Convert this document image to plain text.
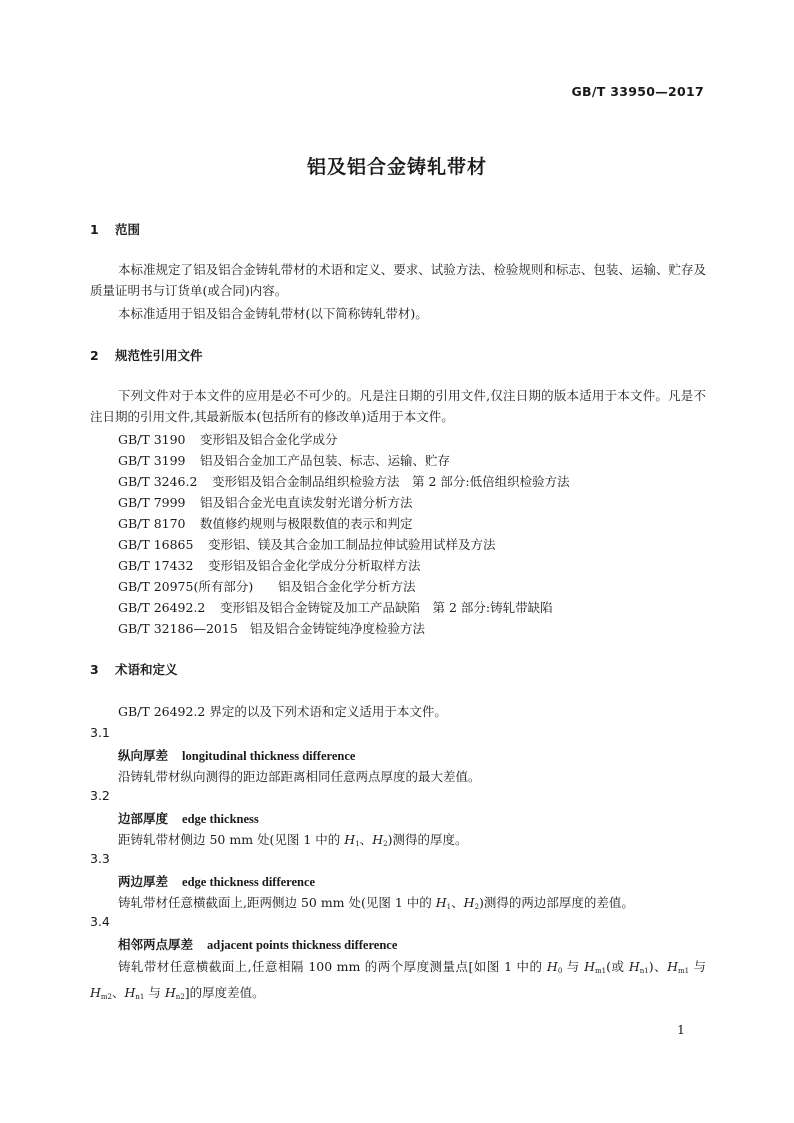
GB/T 33950—2017
铝及铝合金铸轧带材
1 范围
本标准规定了铝及铝合金铸轧带材的术语和定义、要求、试验方法、检验规则和标志、包装、运输、贮存及质量证明书与订货单(或合同)内容。
本标准适用于铝及铝合金铸轧带材(以下简称铸轧带材)。
2 规范性引用文件
下列文件对于本文件的应用是必不可少的。凡是注日期的引用文件,仅注日期的版本适用于本文件。凡是不注日期的引用文件,其最新版本(包括所有的修改单)适用于本文件。
GB/T 3190 变形铝及铝合金化学成分
GB/T 3199 铝及铝合金加工产品包装、标志、运输、贮存
GB/T 3246.2 变形铝及铝合金制品组织检验方法　第 2 部分:低倍组织检验方法
GB/T 7999 铝及铝合金光电直读发射光谱分析方法
GB/T 8170 数值修约规则与极限数值的表示和判定
GB/T 16865 变形铝、镁及其合金加工制品拉伸试验用试样及方法
GB/T 17432 变形铝及铝合金化学成分分析取样方法
GB/T 20975(所有部分) 铝及铝合金化学分析方法
GB/T 26492.2 变形铝及铝合金铸锭及加工产品缺陷　第 2 部分:铸轧带缺陷
GB/T 32186—2015 铝及铝合金铸锭纯净度检验方法
3 术语和定义
GB/T 26492.2 界定的以及下列术语和定义适用于本文件。
3.1
纵向厚差 longitudinal thickness difference
沿铸轧带材纵向测得的距边部距离相同任意两点厚度的最大差值。
3.2
边部厚度 edge thickness
距铸轧带材侧边 50 mm 处(见图 1 中的 $H_1$、$H_2$)测得的厚度。
3.3
两边厚差 edge thickness difference
铸轧带材任意横截面上,距两侧边 50 mm 处(见图 1 中的 $H_1$、$H_2$)测得的两边部厚度的差值。
3.4
相邻两点厚差 adjacent points thickness difference
铸轧带材任意横截面上,任意相隔 100 mm 的两个厚度测量点[如图 1 中的 $H_0$ 与 $H_{m1}$(或 $H_{n1}$)、$H_{m1}$ 与 $H_{m2}$、$H_{n1}$ 与 $H_{n2}$]的厚度差值。
1
